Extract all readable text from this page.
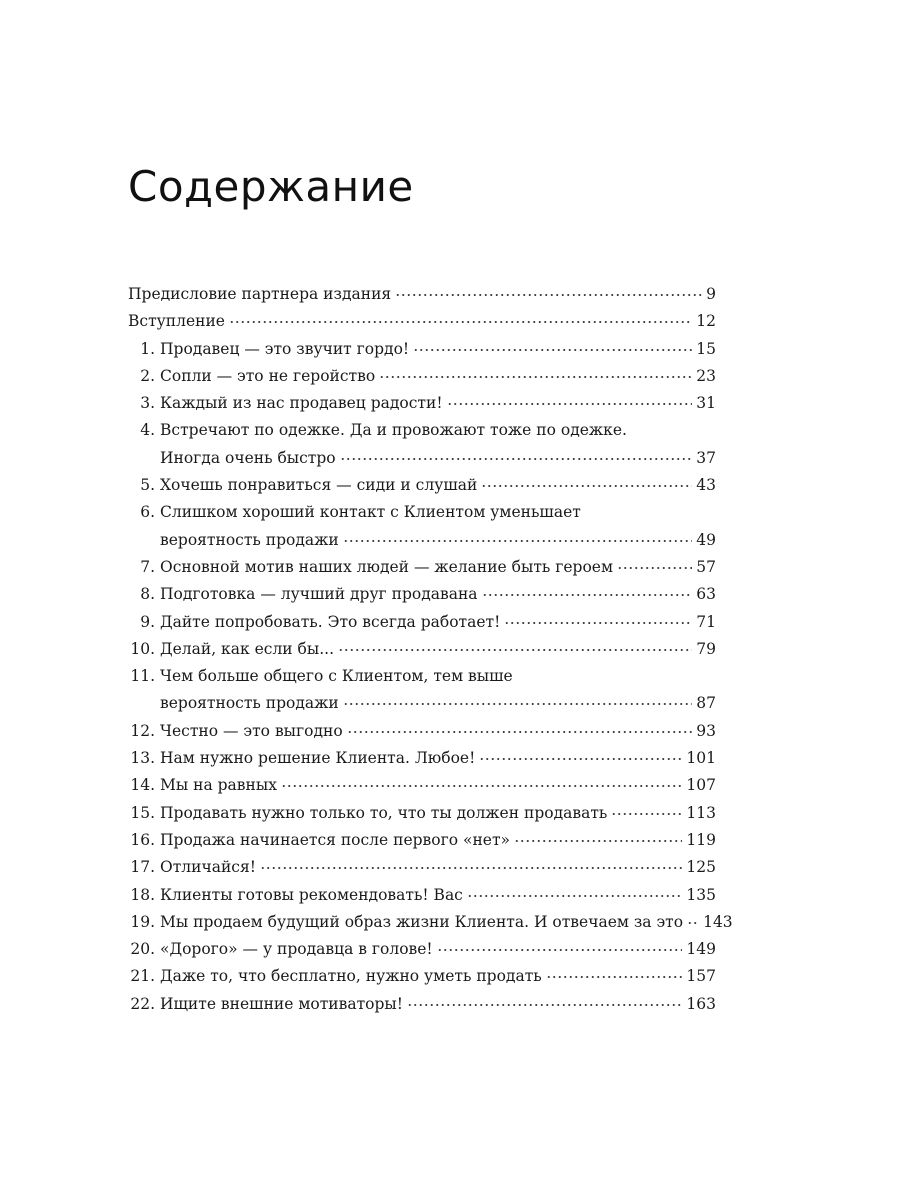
Содержание
Предисловие партнера издания	9
Вступление	12
1. Продавец — это звучит гордо!	15
2. Сопли — это не геройство	23
3. Каждый из нас продавец радости!	31
4. Встречают по одежке. Да и провожают тоже по одежке.
Иногда очень быстро	37
5. Хочешь понравиться — сиди и слушай	43
6. Слишком хороший контакт с Клиентом уменьшает
вероятность продажи	49
7. Основной мотив наших людей — желание быть героем	57
8. Подготовка — лучший друг продавана	63
9. Дайте попробовать. Это всегда работает!	71
10. Делай, как если бы...	79
11. Чем больше общего с Клиентом, тем выше
вероятность продажи	87
12. Честно — это выгодно	93
13. Нам нужно решение Клиента. Любое!	101
14. Мы на равных	107
15. Продавать нужно только то, что ты должен продавать	113
16. Продажа начинается после первого «нет»	119
17. Отличайся!	125
18. Клиенты готовы рекомендовать! Вас	135
19. Мы продаем будущий образ жизни Клиента. И отвечаем за это 143
20. «Дорого» — у продавца в голове!	149
21. Даже то, что бесплатно, нужно уметь продать	157
22. Ищите внешние мотиваторы!	163
